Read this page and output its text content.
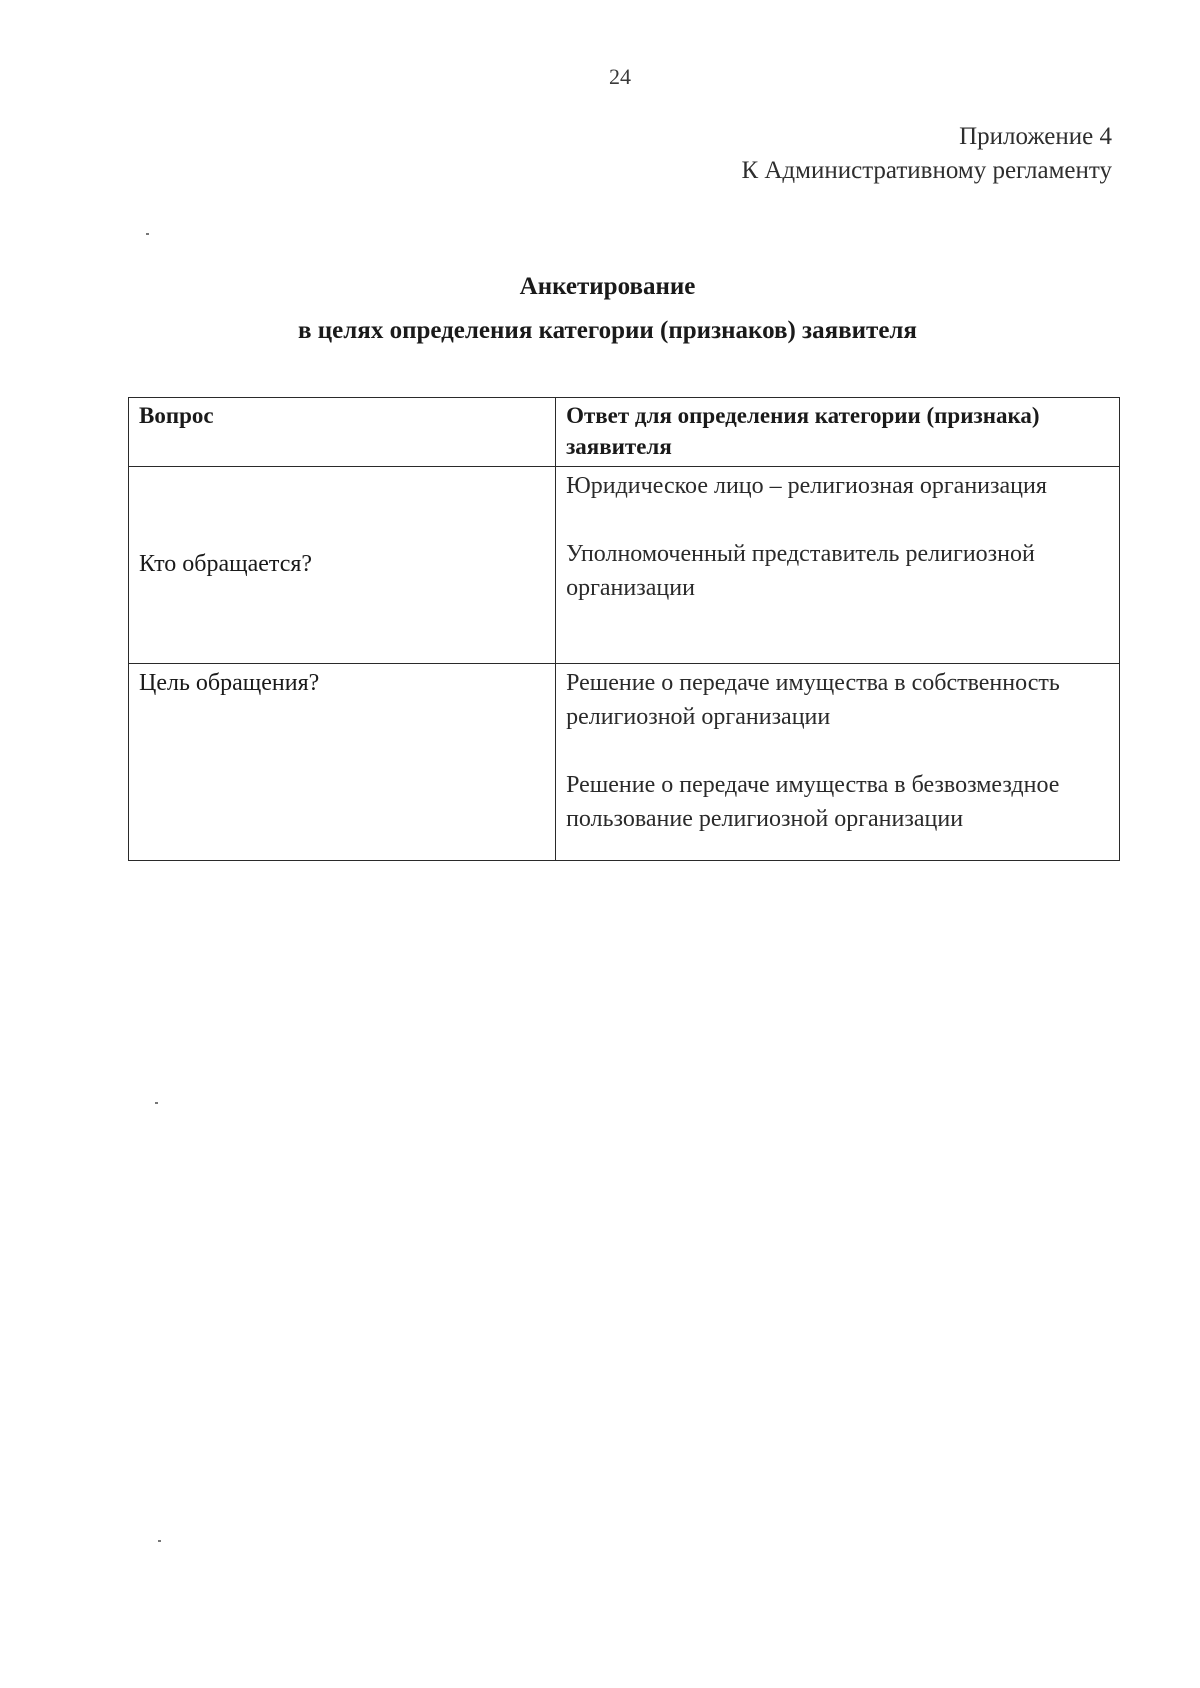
24
Приложение 4
К Административному регламенту
Анкетирование
в целях определения категории (признаков) заявителя
Вопрос	Ответ для определения категории (признака) заявителя
Кто обращается?	Юридическое лицо – религиозная организация
Уполномоченный представитель религиозной организации

Цель обращения?	Решение о передаче имущества в собственность религиозной организации
Решение о передаче имущества в безвозмездное пользование религиозной организации
